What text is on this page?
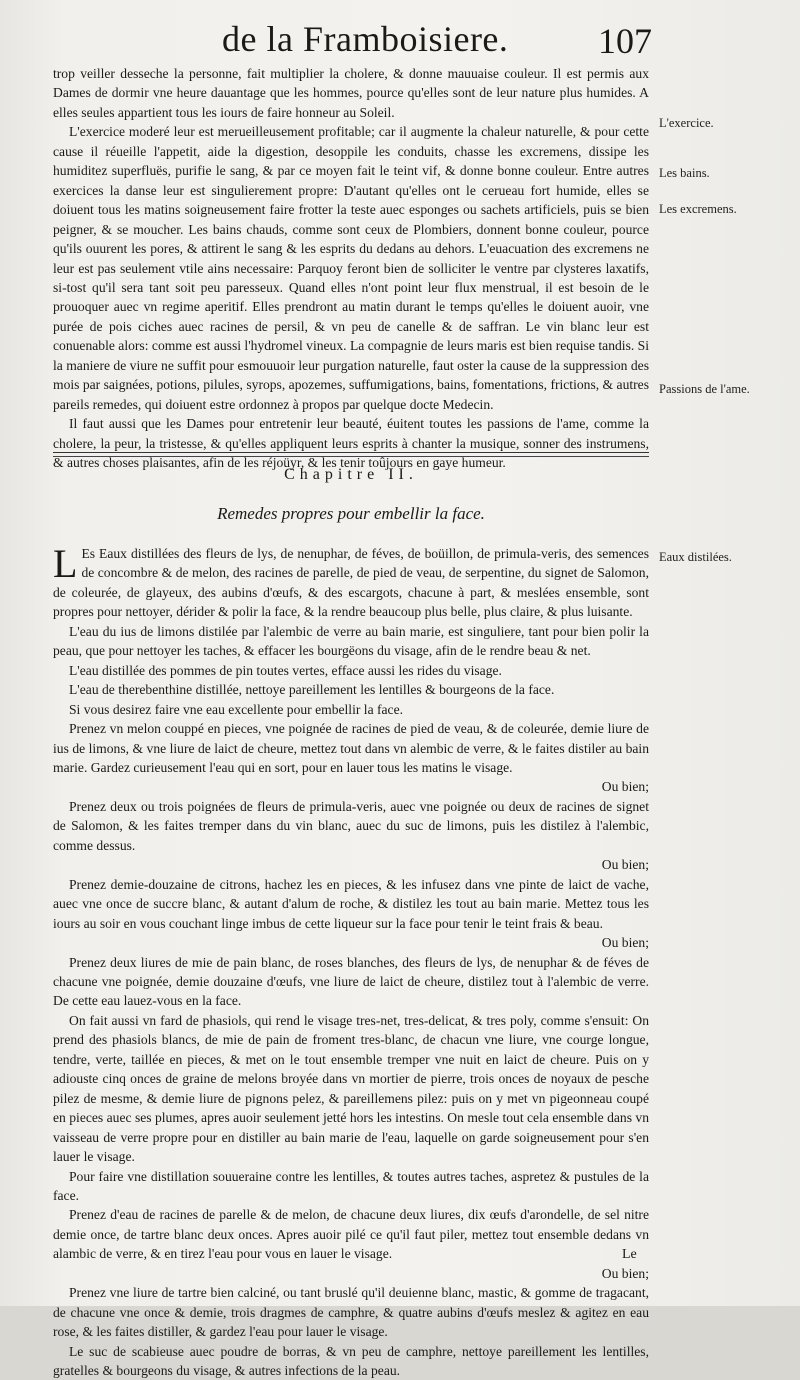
de la Framboisiere. 107

trop veiller desseche la personne, fait multiplier la cholere, & donne mauuaise couleur. Il est permis aux Dames de dormir vne heure dauantage que les hommes, pource qu'elles sont de leur nature plus humides. A elles seules appartient tous les iours de faire honneur au Soleil.

L'exercice moderé leur est merueilleusement profitable; car il augmente la chaleur naturelle, & pour cette cause il réueille l'appetit, aide la digestion, desoppile les conduits, chasse les excremens, dissipe les humiditez superfluës, purifie le sang, & par ce moyen fait le teint vif, & donne bonne couleur. Entre autres exercices la danse leur est singulierement propre: D'autant qu'elles ont le cerueau fort humide, elles se doiuent tous les matins soigneusement faire frotter la teste auec esponges ou sachets artificiels, puis se bien peigner, & se moucher. Les bains chauds, comme sont ceux de Plombiers, donnent bonne couleur, pource qu'ils ouurent les pores, & attirent le sang & les esprits du dedans au dehors. L'euacuation des excremens ne leur est pas seulement vtile ains necessaire: Parquoy feront bien de solliciter le ventre par clysteres laxatifs, si-tost qu'il sera tant soit peu paresseux. Quand elles n'ont point leur flux menstrual, il est besoin de le prouoquer auec vn regime aperitif. Elles prendront au matin durant le temps qu'elles le doiuent auoir, vne purée de pois ciches auec racines de persil, & vn peu de canelle & de saffran. Le vin blanc leur est conuenable alors: comme est aussi l'hydromel vineux. La compagnie de leurs maris est bien requise tandis. Si la maniere de viure ne suffit pour esmouuoir leur purgation naturelle, faut oster la cause de la suppression des mois par saignées, potions, pilules, syrops, apozemes, suffumigations, bains, fomentations, frictions, & autres pareils remedes, qui doiuent estre ordonnez à propos par quelque docte Medecin.

Il faut aussi que les Dames pour entretenir leur beauté, éuitent toutes les passions de l'ame, comme la cholere, la peur, la tristesse, & qu'elles appliquent leurs esprits à chanter la musique, sonner des instrumens, & autres choses plaisantes, afin de les réjoüyr, & les tenir toûjours en gaye humeur.

L'exercice.
Les bains.
Les excremens.
Passions de l'ame.
Chapitre II.
Remedes propres pour embellir la face.
Eaux distilées.

L Es Eaux distillées des fleurs de lys, de nenuphar, de féves, de boüillon, de primula-veris, des semences de concombre & de melon, des racines de parelle, de pied de veau, de serpentine, du signet de Salomon, de coleurée, de glayeux, des aubins d'œufs, & des escargots, chacune à part, & meslées ensemble, sont propres pour nettoyer, dérider & polir la face, & la rendre beaucoup plus belle, plus claire, & plus luisante.

L'eau du ius de limons distilée par l'alembic de verre au bain marie, est singuliere, tant pour bien polir la peau, que pour nettoyer les taches, & effacer les bourgëons du visage, afin de le rendre beau & net.

L'eau distillée des pommes de pin toutes vertes, efface aussi les rides du visage.

L'eau de therebenthine distillée, nettoye pareillement les lentilles & bourgeons de la face.

Si vous desirez faire vne eau excellente pour embellir la face.

Prenez vn melon couppé en pieces, vne poignée de racines de pied de veau, & de coleurée, demie liure de ius de limons, & vne liure de laict de cheure, mettez tout dans vn alembic de verre, & le faites distiler au bain marie. Gardez curieusement l'eau qui en sort, pour en lauer tous les matins le visage.

Ou bien;

Prenez deux ou trois poignées de fleurs de primula-veris, auec vne poignée ou deux de racines de signet de Salomon, & les faites tremper dans du vin blanc, auec du suc de limons, puis les distilez à l'alembic, comme dessus.

Ou bien;

Prenez demie-douzaine de citrons, hachez les en pieces, & les infusez dans vne pinte de laict de vache, auec vne once de succre blanc, & autant d'alum de roche, & distilez les tout au bain marie. Mettez tous les iours au soir en vous couchant linge imbus de cette liqueur sur la face pour tenir le teint frais & beau.

Ou bien;

Prenez deux liures de mie de pain blanc, de roses blanches, des fleurs de lys, de nenuphar & de féves de chacune vne poignée, demie douzaine d'œufs, vne liure de laict de cheure, distilez tout à l'alembic de verre. De cette eau lauez-vous en la face.

On fait aussi vn fard de phasiols, qui rend le visage tres-net, tres-delicat, & tres poly, comme s'ensuit: On prend des phasiols blancs, de mie de pain de froment tres-blanc, de chacun vne liure, vne courge longue, tendre, verte, taillée en pieces, & met on le tout ensemble tremper vne nuit en laict de cheure. Puis on y adiouste cinq onces de graine de melons broyée dans vn mortier de pierre, trois onces de noyaux de pesche pilez de mesme, & demie liure de pignons pelez, & pareillemens pilez: puis on y met vn pigeonneau coupé en pieces auec ses plumes, apres auoir seulement jetté hors les intestins. On mesle tout cela ensemble dans vn vaisseau de verre propre pour en distiller au bain marie de l'eau, laquelle on garde soigneusement pour s'en lauer le visage.

Pour faire vne distillation souueraine contre les lentilles, & toutes autres taches, aspretez & pustules de la face.

Prenez d'eau de racines de parelle & de melon, de chacune deux liures, dix œufs d'arondelle, de sel nitre demie once, de tartre blanc deux onces. Apres auoir pilé ce qu'il faut piler, mettez tout ensemble dedans vn alambic de verre, & en tirez l'eau pour vous en lauer le visage.

Ou bien;

Prenez vne liure de tartre bien calciné, ou tant bruslé qu'il deuienne blanc, mastic, & gomme de tragacant, de chacune vne once & demie, trois dragmes de camphre, & quatre aubins d'œufs meslez & agitez en eau rose, & les faites distiller, & gardez l'eau pour lauer le visage.

Le suc de scabieuse auec poudre de borras, & vn peu de camphre, nettoye pareillement les lentilles, gratelles & bourgeons du visage, & autres infections de la peau.

Le
